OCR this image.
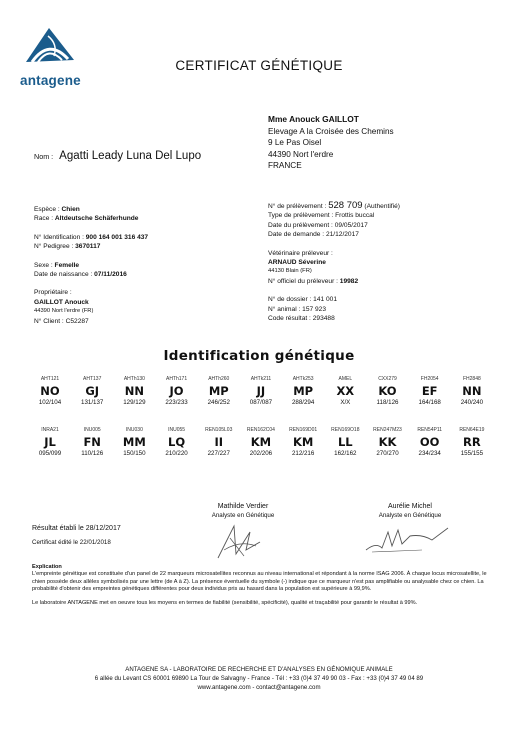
antagene
CERTIFICAT GÉNÉTIQUE
Mme Anouck GAILLOT
Elevage A la Croisée des Chemins
9 Le Pas Oisel
44390 Nort l'erdre
FRANCE
Nom : Agatti Leady Luna Del Lupo
Espèce : Chien
Race : Altdeutsche Schäferhunde
N° Identification : 900 164 001 316 437
N° Pedigree : 3670117
Sexe : Femelle
Date de naissance : 07/11/2016
Propriétaire :
GAILLOT Anouck
44390 Nort l'erdre (FR)
N° Client : C52287
N° de prélèvement : 528 709 (Authentifié)
Type de prélèvement : Frottis buccal
Date du prélèvement : 09/05/2017
Date de demande : 21/12/2017
Vétérinaire préleveur :
ARNAUD Séverine
44130 Blain (FR)
N° officiel du préleveur : 19982
N° de dossier : 141 001
N° animal : 157 923
Code résultat : 293488
Identification génétique
AHT121
NO
102/104
AHT137
GJ
131/137
AHTh130
NN
129/129
AHTh171
JO
223/233
AHTh260
MP
246/252
AHTk211
JJ
087/087
AHTk253
MP
288/294
AMEL
XX
X/X
CXX279
KO
118/126
FH2054
EF
164/168
FH2848
NN
240/240
INRA21
JL
095/099
INU005
FN
110/126
INU030
MM
150/150
INU055
LQ
210/220
REN105L03
II
227/227
REN162C04
KM
202/206
REN169D01
KM
212/216
REN169O18
LL
162/162
REN247M23
KK
270/270
REN54P11
OO
234/234
REN64E19
RR
155/155
Mathilde Verdier
Analyste en Génétique
Aurélie Michel
Analyste en Génétique
Résultat établi le 28/12/2017
Certificat édité le 22/01/2018
Explication
L'empreinte génétique est constituée d'un panel de 22 marqueurs microsatellites reconnus au niveau international et répondant à la norme ISAG 2006. À chaque locus microsatellite, le chien possède deux allèles symbolisés par une lettre (de A à Z). La présence éventuelle du symbole (-) indique que ce marqueur n'est pas amplifiable ou analysable chez ce chien. La probabilité d'obtenir des empreintes génétiques différentes pour deux individus pris au hasard dans la population est supérieure à 99,9%.
Le laboratoire ANTAGENE met en oeuvre tous les moyens en termes de fiabilité (sensibilité, spécificité), qualité et traçabilité pour garantir le résultat à 99%.
ANTAGENE SA - LABORATOIRE DE RECHERCHE ET D'ANALYSES EN GÉNOMIQUE ANIMALE
6 allée du Levant CS 60001 69890 La Tour de Salvagny - France - Tél : +33 (0)4 37 49 90 03 - Fax : +33 (0)4 37 49 04 89
www.antagene.com - contact@antagene.com
